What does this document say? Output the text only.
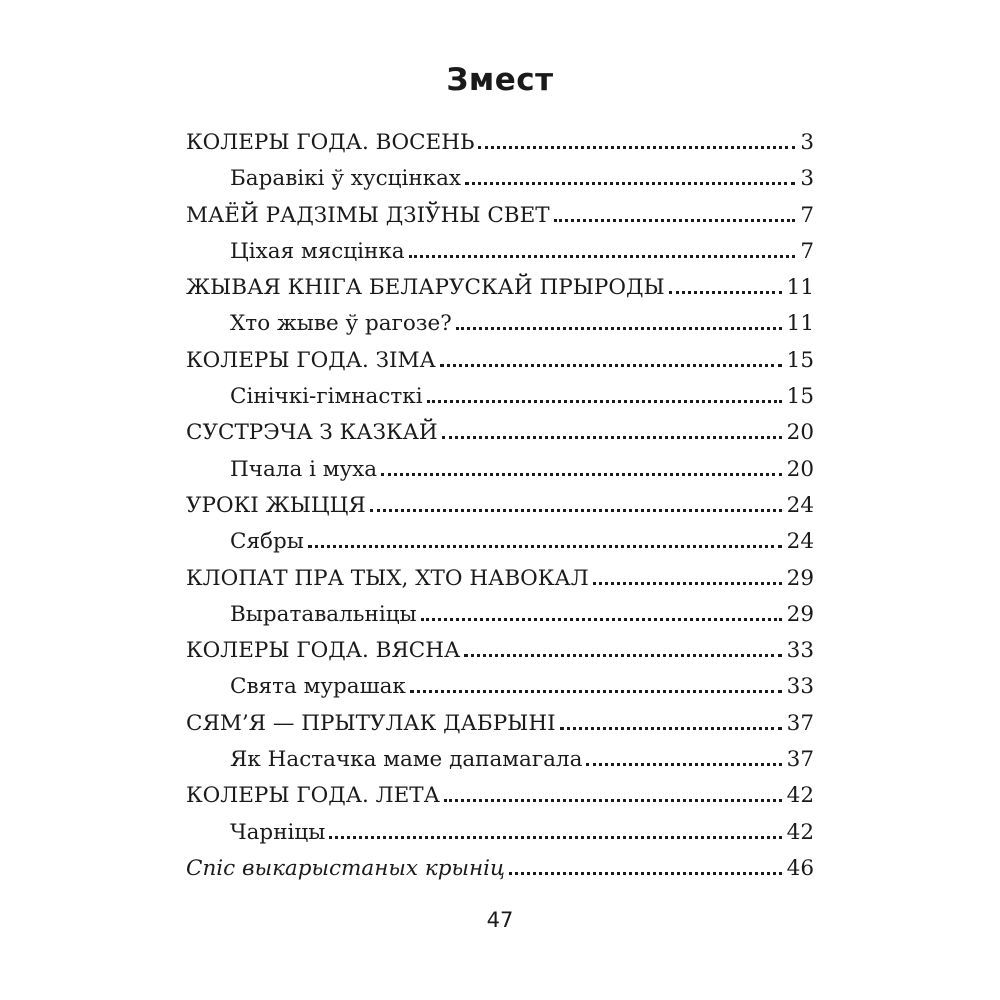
Змест
КОЛЕРЫ ГОДА. ВОСЕНЬ	3
Баравікі ў хусцінках	3
МАЁЙ РАДЗІМЫ ДЗІЎНЫ СВЕТ	7
Ціхая мясцінка	7
ЖЫВАЯ КНІГА БЕЛАРУСКАЙ ПРЫРОДЫ	11
Хто жыве ў рагозе?	11
КОЛЕРЫ ГОДА. ЗІМА	15
Сінічкі-гімнасткі	15
СУСТРЭЧА З КАЗКАЙ	20
Пчала і муха	20
УРОКІ ЖЫЦЦЯ	24
Сябры	24
КЛОПАТ ПРА ТЫХ, ХТО НАВОКАЛ	29
Выратавальніцы	29
КОЛЕРЫ ГОДА. ВЯСНА	33
Свята мурашак	33
СЯМ’Я — ПРЫТУЛАК ДАБРЫНІ	37
Як Настачка маме дапамагала	37
КОЛЕРЫ ГОДА. ЛЕТА	42
Чарніцы	42
Спіс выкарыстаных крыніц	46
47
